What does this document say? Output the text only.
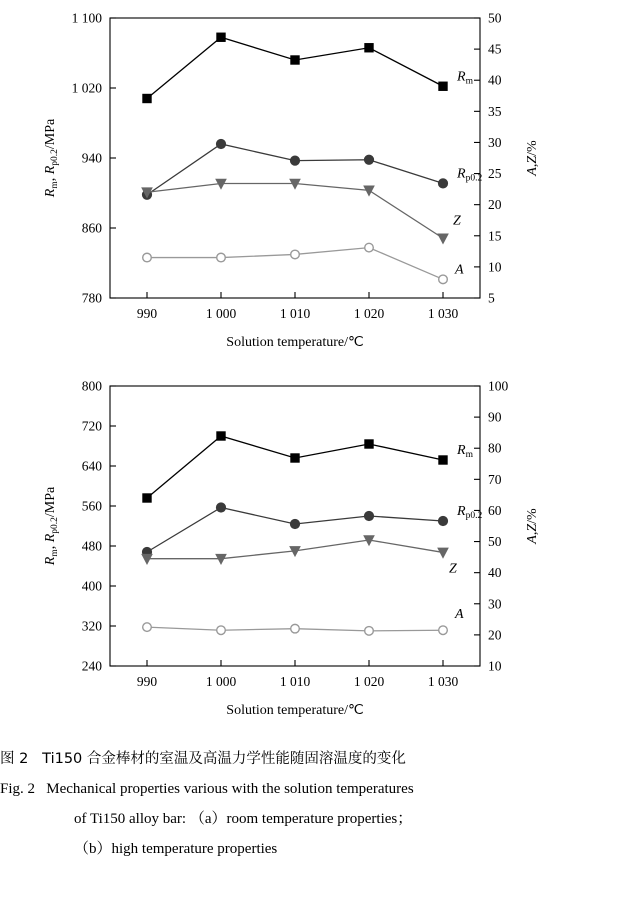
780
860
940
1 020
1 100
5
10
15
20
25
30
35
40
45
50
990	1 000	1 010	1 020	1 030
Solution temperature/℃
Rm, Rp0.2/MPa
A,Z/%
Rm
Rp0.2
Z
A
240
320
400
480
560
640
720
800
10
20
30
40
50
60
70
80
90
100
990	1 000	1 010	1 020	1 030
Solution temperature/℃
Rm, Rp0.2/MPa
A,Z/%
Rm
Rp0.2
Z
A
图 2   Ti150 合金棒材的室温及高温力学性能随固溶温度的变化
Fig. 2   Mechanical properties various with the solution temperatures
of Ti150 alloy bar: （a）room temperature properties；
（b）high temperature properties
